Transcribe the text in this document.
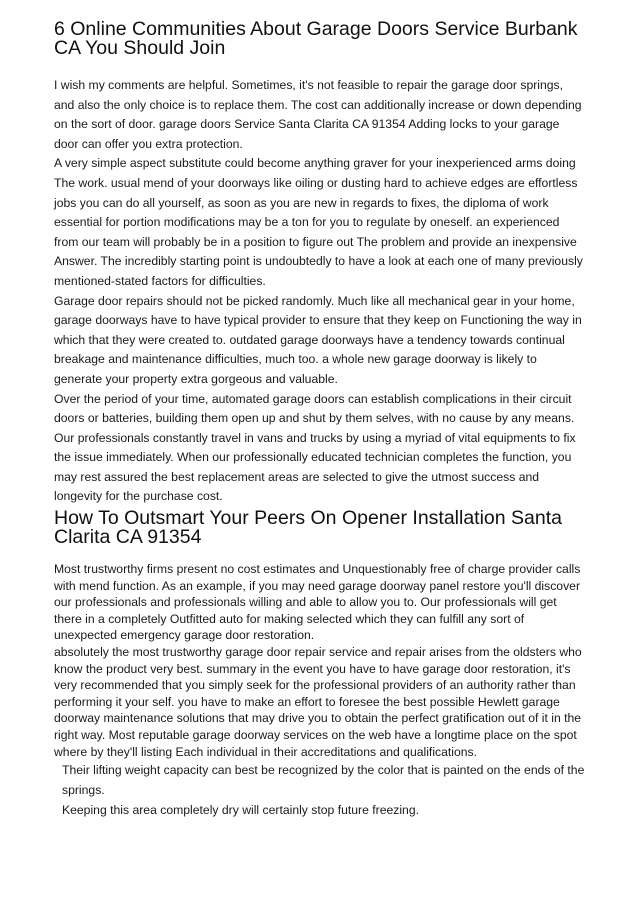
6 Online Communities About Garage Doors Service Burbank CA You Should Join

I wish my comments are helpful. Sometimes, it's not feasible to repair the garage door springs, and also the only choice is to replace them. The cost can additionally increase or down depending on the sort of door. garage doors Service Santa Clarita CA 91354 Adding locks to your garage door can offer you extra protection.

A very simple aspect substitute could become anything graver for your inexperienced arms doing The work. usual mend of your doorways like oiling or dusting hard to achieve edges are effortless jobs you can do all yourself, as soon as you are new in regards to fixes, the diploma of work essential for portion modifications may be a ton for you to regulate by oneself. an experienced from our team will probably be in a position to figure out The problem and provide an inexpensive Answer. The incredibly starting point is undoubtedly to have a look at each one of many previously mentioned-stated factors for difficulties.

Garage door repairs should not be picked randomly. Much like all mechanical gear in your home, garage doorways have to have typical provider to ensure that they keep on Functioning the way in which that they were created to. outdated garage doorways have a tendency towards continual breakage and maintenance difficulties, much too. a whole new garage doorway is likely to generate your property extra gorgeous and valuable.

Over the period of your time, automated garage doors can establish complications in their circuit doors or batteries, building them open up and shut by them selves, with no cause by any means. Our professionals constantly travel in vans and trucks by using a myriad of vital equipments to fix the issue immediately. When our professionally educated technician completes the function, you may rest assured the best replacement areas are selected to give the utmost success and longevity for the purchase cost.

How To Outsmart Your Peers On Opener Installation Santa Clarita CA 91354

Most trustworthy firms present no cost estimates and Unquestionably free of charge provider calls with mend function. As an example, if you may need garage doorway panel restore you'll discover our professionals and professionals willing and able to allow you to. Our professionals will get there in a completely Outfitted auto for making selected which they can fulfill any sort of unexpected emergency garage door restoration.

absolutely the most trustworthy garage door repair service and repair arises from the oldsters who know the product very best. summary in the event you have to have garage door restoration, it's very recommended that you simply seek for the professional providers of an authority rather than performing it your self. you have to make an effort to foresee the best possible Hewlett garage doorway maintenance solutions that may drive you to obtain the perfect gratification out of it in the right way. Most reputable garage doorway services on the web have a longtime place on the spot where by they'll listing Each individual in their accreditations and qualifications.

Their lifting weight capacity can best be recognized by the color that is painted on the ends of the springs.

Keeping this area completely dry will certainly stop future freezing.
